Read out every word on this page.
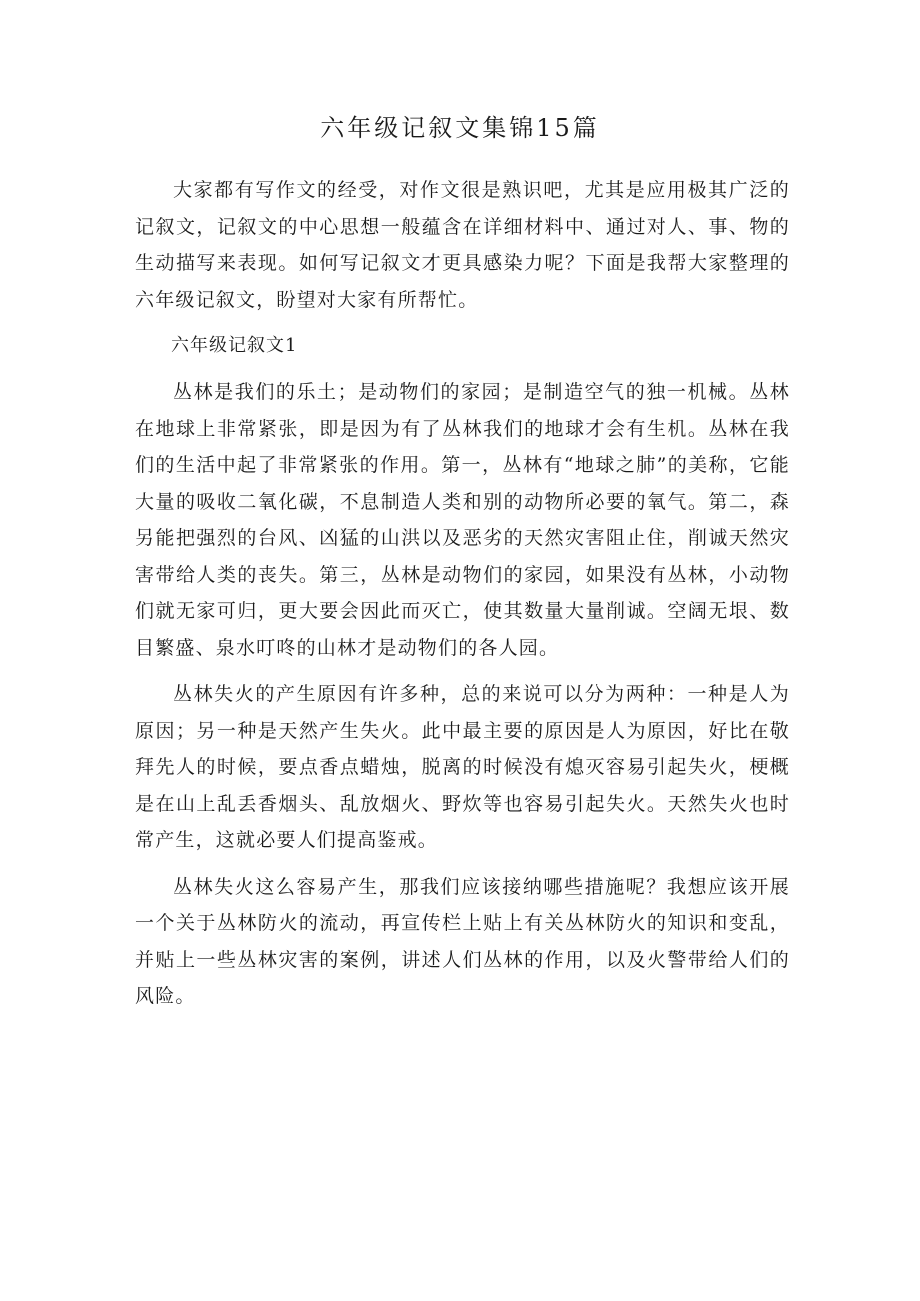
六年级记叙文集锦15篇

大家都有写作文的经受，对作文很是熟识吧，尤其是应用极其广泛的记叙文，记叙文的中心思想一般蕴含在详细材料中、通过对人、事、物的生动描写来表现。如何写记叙文才更具感染力呢？下面是我帮大家整理的六年级记叙文，盼望对大家有所帮忙。

六年级记叙文1

丛林是我们的乐土；是动物们的家园；是制造空气的独一机械。丛林在地球上非常紧张，即是因为有了丛林我们的地球才会有生机。丛林在我们的生活中起了非常紧张的作用。第一，丛林有“地球之肺”的美称，它能大量的吸收二氧化碳，不息制造人类和别的动物所必要的氧气。第二，森另能把强烈的台风、凶猛的山洪以及恶劣的天然灾害阻止住，削诚天然灾害带给人类的丧失。第三，丛林是动物们的家园，如果没有丛林，小动物们就无家可归，更大要会因此而灭亡，使其数量大量削诚。空阔无垠、数目繁盛、泉水叮咚的山林才是动物们的各人园。

丛林失火的产生原因有许多种，总的来说可以分为两种：一种是人为原因；另一种是天然产生失火。此中最主要的原因是人为原因，好比在敬拜先人的时候，要点香点蜡烛，脱离的时候没有熄灭容易引起失火，梗概是在山上乱丢香烟头、乱放烟火、野炊等也容易引起失火。天然失火也时常产生，这就必要人们提高鉴戒。

丛林失火这么容易产生，那我们应该接纳哪些措施呢？我想应该开展一个关于丛林防火的流动，再宣传栏上贴上有关丛林防火的知识和变乱，并贴上一些丛林灾害的案例，讲述人们丛林的作用，以及火警带给人们的风险。
